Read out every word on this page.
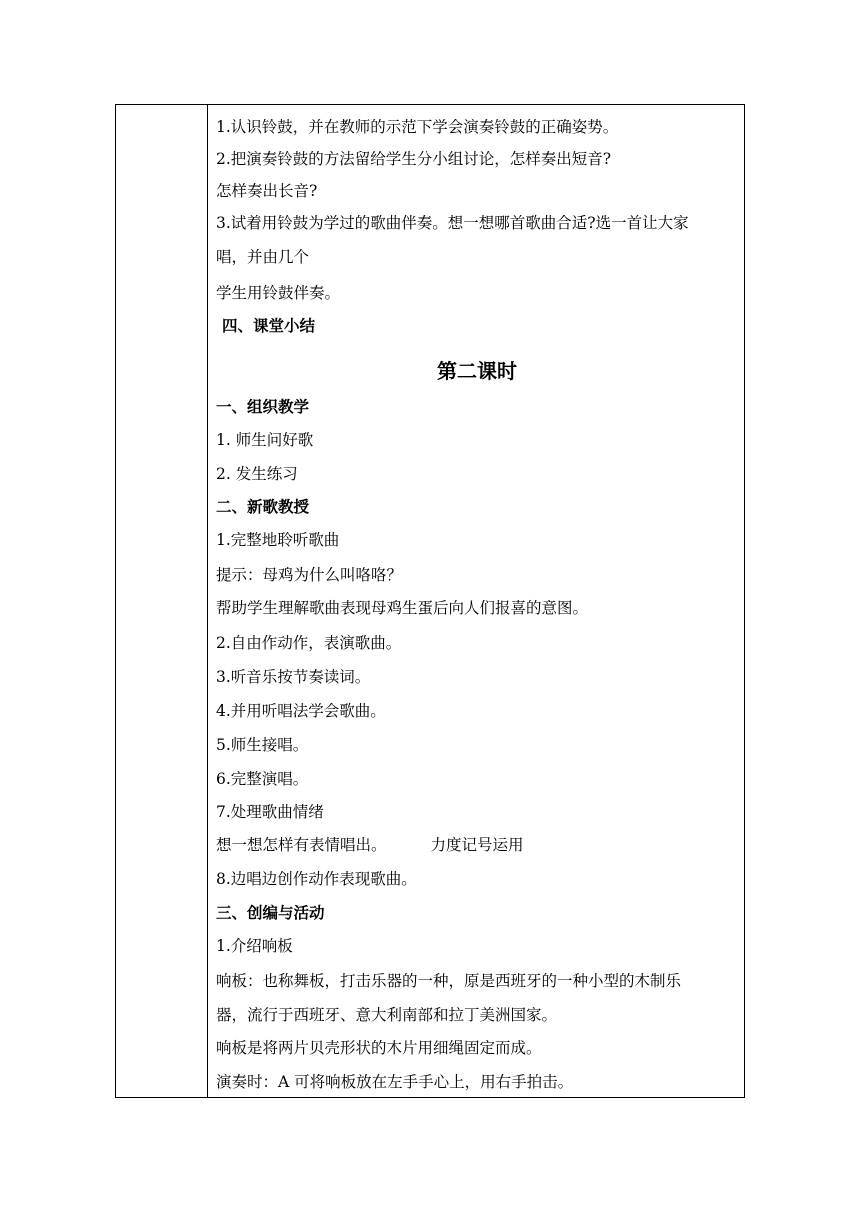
1.认识铃鼓，并在教师的示范下学会演奏铃鼓的正确姿势。
2.把演奏铃鼓的方法留给学生分小组讨论，怎样奏出短音?
怎样奏出长音?
3.试着用铃鼓为学过的歌曲伴奏。想一想哪首歌曲合适?选一首让大家
唱，并由几个
学生用铃鼓伴奏。
四、课堂小结
第二课时
一、组织教学
1. 师生问好歌
2. 发生练习
二、新歌教授
1.完整地聆听歌曲
提示：母鸡为什么叫咯咯？
帮助学生理解歌曲表现母鸡生蛋后向人们报喜的意图。
2.自由作动作，表演歌曲。
3.听音乐按节奏读词。
4.并用听唱法学会歌曲。
5.师生接唱。
6.完整演唱。
7.处理歌曲情绪
想一想怎样有表情唱出。	力度记号运用
8.边唱边创作动作表现歌曲。
三、创编与活动
1.介绍响板
响板：也称舞板，打击乐器的一种，原是西班牙的一种小型的木制乐
器，流行于西班牙、意大利南部和拉丁美洲国家。
响板是将两片贝壳形状的木片用细绳固定而成。
演奏时：A 可将响板放在左手手心上，用右手拍击。
